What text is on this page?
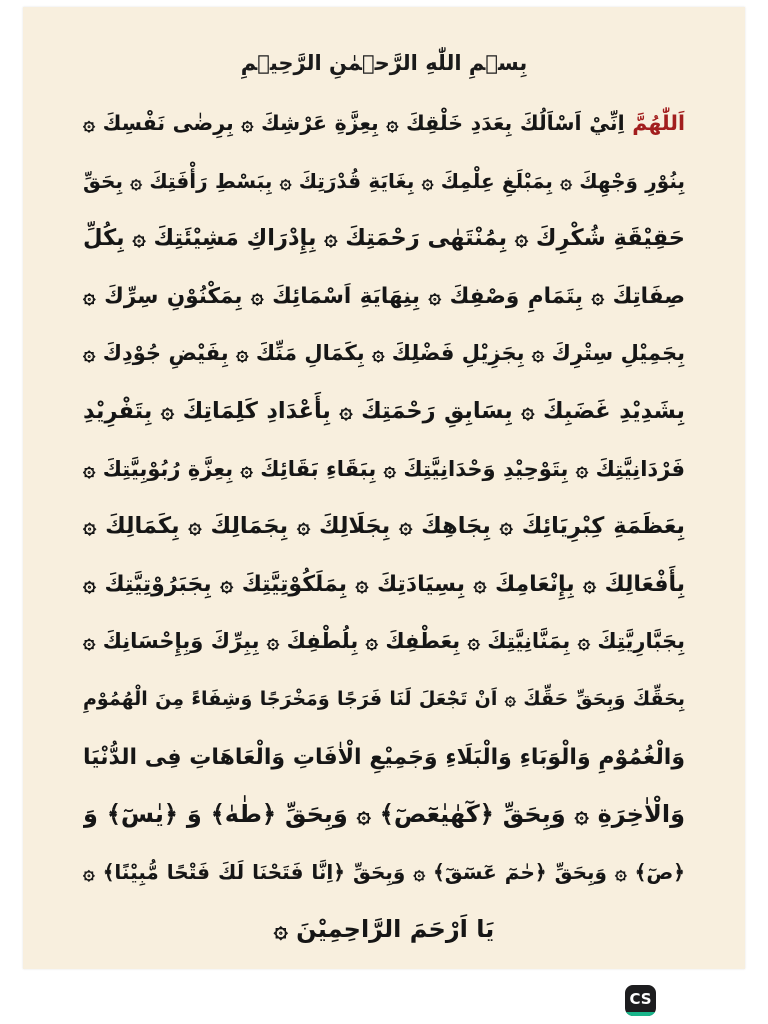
بِسۡمِ اللّٰهِ الرَّحۡمٰنِ الرَّحِيۡمِ
اَللّٰهُمَّ اِنِّيْ اَسْاَلُكَ بِعَدَدِ خَلْقِكَ ۞ بِعِزَّةِ عَرْشِكَ ۞ بِرِضٰى نَفْسِكَ ۞
بِنُوْرِ وَجْهِكَ ۞ بِمَبْلَغِ عِلْمِكَ ۞ بِغَايَةِ قُدْرَتِكَ ۞ بِبَسْطِ رَأْفَتِكَ ۞ بِحَقِّ
حَقِيْقَةِ شُكْرِكَ ۞ بِمُنْتَهٰى رَحْمَتِكَ ۞ بِإِدْرَاكِ مَشِيْئَتِكَ ۞ بِكُلِّ
صِفَاتِكَ ۞ بِتَمَامِ وَصْفِكَ ۞ بِنِهَايَةِ اَسْمَائِكَ ۞ بِمَكْنُوْنِ سِرِّكَ ۞
بِجَمِيْلِ سِتْرِكَ ۞ بِجَزِيْلِ فَضْلِكَ ۞ بِكَمَالِ مَنِّكَ ۞ بِفَيْضِ جُوْدِكَ ۞
بِشَدِيْدِ غَضَبِكَ ۞ بِسَابِقِ رَحْمَتِكَ ۞ بِأَعْدَادِ كَلِمَاتِكَ ۞ بِتَفْرِيْدِ
فَرْدَانِيَّتِكَ ۞ بِتَوْحِيْدِ وَحْدَانِيَّتِكَ ۞ بِبَقَاءِ بَقَائِكَ ۞ بِعِزَّةِ رُبُوْبِيَّتِكَ ۞
بِعَظَمَةِ كِبْرِيَائِكَ ۞ بِجَاهِكَ ۞ بِجَلَالِكَ ۞ بِجَمَالِكَ ۞ بِكَمَالِكَ ۞
بِأَفْعَالِكَ ۞ بِإِنْعَامِكَ ۞ بِسِيَادَتِكَ ۞ بِمَلَكُوْتِيَّتِكَ ۞ بِجَبَرُوْتِيَّتِكَ ۞
بِجَبَّارِيَّتِكَ ۞ بِمَنَّانِيَّتِكَ ۞ بِعَطْفِكَ ۞ بِلُطْفِكَ ۞ بِبِرِّكَ وَبِإِحْسَانِكَ ۞
بِحَقِّكَ وَبِحَقِّ حَقِّكَ ۞ اَنْ تَجْعَلَ لَنَا فَرَجًا وَمَخْرَجًا وَشِفَاءً مِنَ الْهُمُوْمِ
وَالْغُمُوْمِ وَالْوَبَاءِ وَالْبَلَاءِ وَجَمِيْعِ الْاٰفَاتِ وَالْعَاهَاتِ فِى الدُّنْيَا
وَالْاٰخِرَةِ ۞ وَبِحَقِّ ﴿كٓهٰيٰعٓصٓ﴾ ۞ وَبِحَقِّ ﴿طٰهٰ﴾ وَ ﴿يٰسٓ﴾ وَ
﴿صٓ﴾ ۞ وَبِحَقِّ ﴿حٰمٓ عٓسٓقٓ﴾ ۞ وَبِحَقِّ ﴿اِنَّا فَتَحْنَا لَكَ فَتْحًا مُّبِيْنًا﴾ ۞
يَا اَرْحَمَ الرَّاحِمِيْنَ ۞
CS
